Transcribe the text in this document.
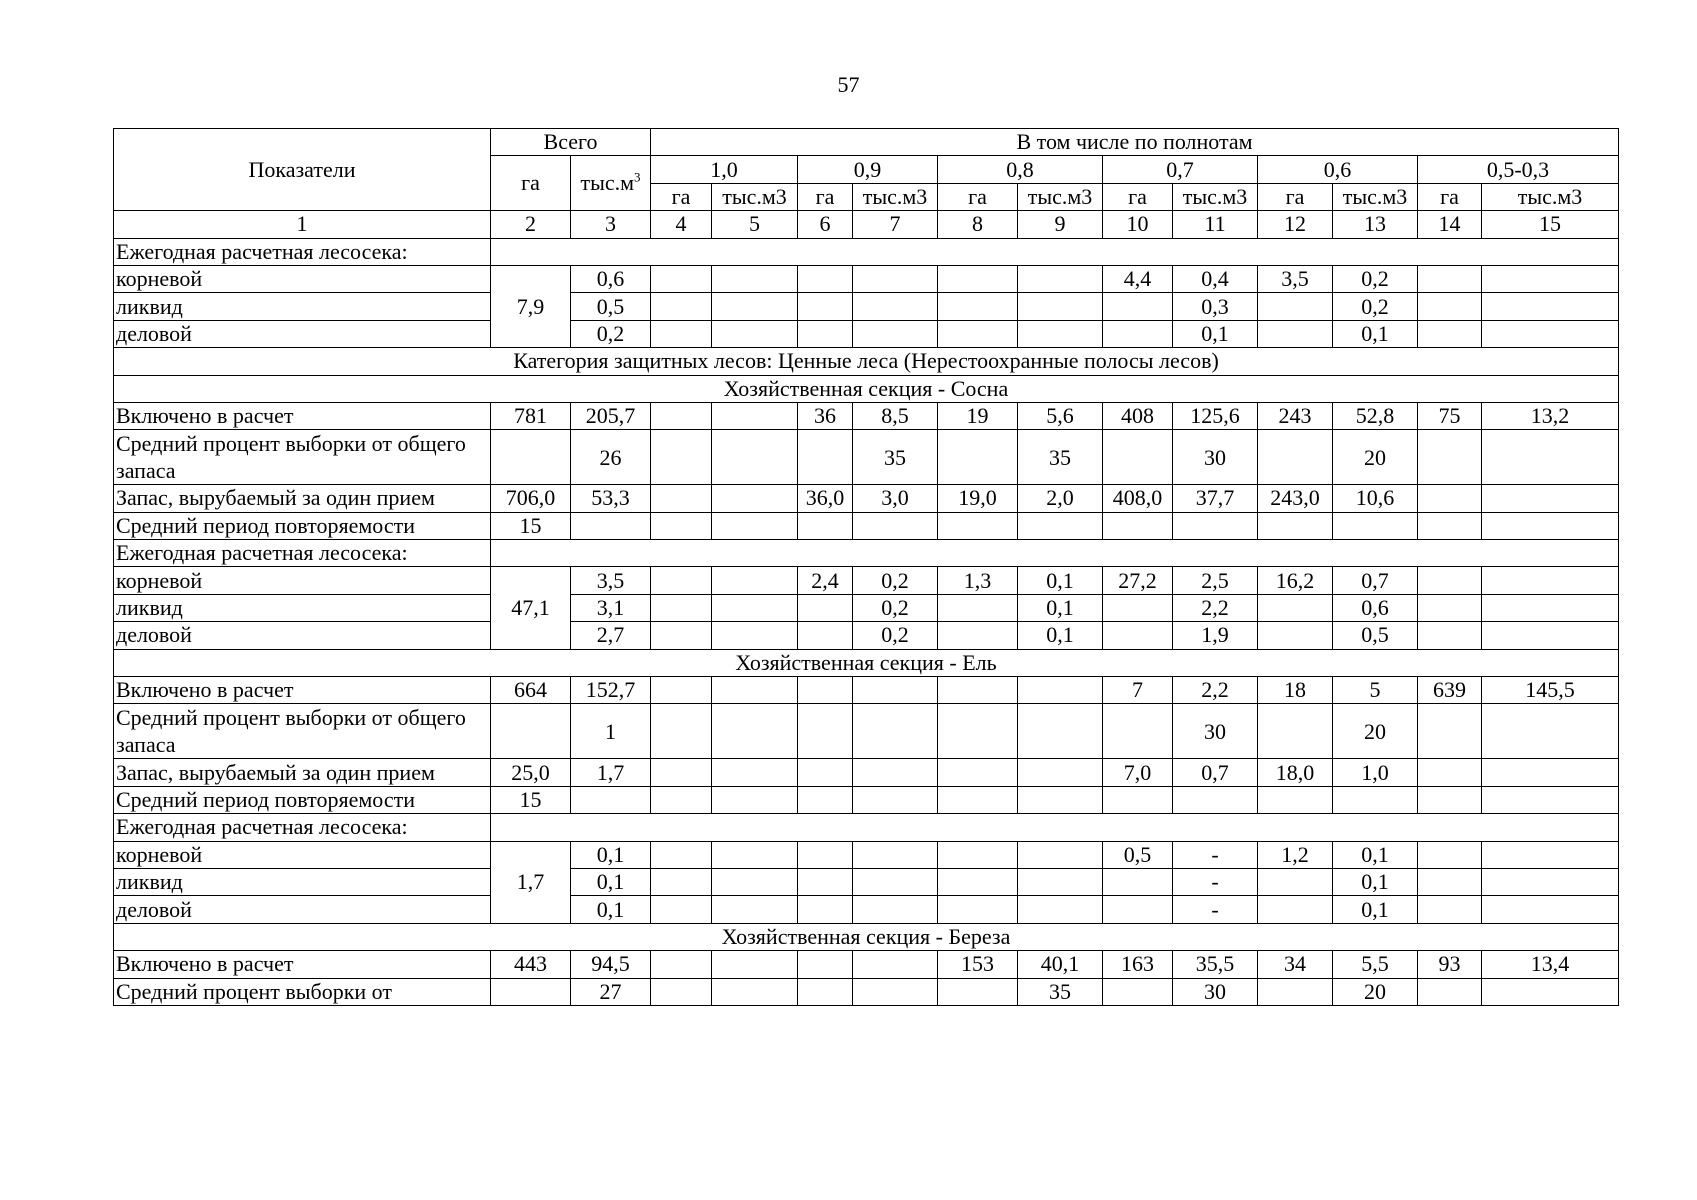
57
Показатели	Всего		В том числе по полнотам											
	га	$тыс.м^3$	1,0		0,9		0,8		0,7		0,6		0,5-0,3	
			га	тыс.м3	га	тыс.м3	га	тыс.м3	га	тыс.м3	га	тыс.м3	га	тыс.м3
1	2	3	4	5	6	7	8	9	10	11	12	13	14	15
Ежегодная расчетная лесосека:														
корневой	7,9	0,6							4,4	0,4	3,5	0,2		
ликвид		0,5								0,3		0,2		
деловой		0,2								0,1		0,1		
Категория защитных лесов: Ценные леса (Нерестоохранные полосы лесов)														
Хозяйственная секция - Сосна														
Включено в расчет	781	205,7			36	8,5	19	5,6	408	125,6	243	52,8	75	13,2
Средний процент выборки от общего запаса		26				35		35		30		20		
Запас, вырубаемый за один прием	706,0	53,3			36,0	3,0	19,0	2,0	408,0	37,7	243,0	10,6		
Средний период повторяемости	15													
Ежегодная расчетная лесосека:														
корневой	47,1	3,5			2,4	0,2	1,3	0,1	27,2	2,5	16,2	0,7		
ликвид		3,1				0,2		0,1		2,2		0,6		
деловой		2,7				0,2		0,1		1,9		0,5		
Хозяйственная секция - Ель														
Включено в расчет	664	152,7							7	2,2	18	5	639	145,5
Средний процент выборки от общего запаса		1								30		20		
Запас, вырубаемый за один прием	25,0	1,7							7,0	0,7	18,0	1,0		
Средний период повторяемости	15													
Ежегодная расчетная лесосека:														
корневой	1,7	0,1							0,5	-	1,2	0,1		
ликвид		0,1								-		0,1		
деловой		0,1								-		0,1		
Хозяйственная секция - Береза														
Включено в расчет	443	94,5					153	40,1	163	35,5	34	5,5	93	13,4
Средний процент выборки от		27						35		30		20		
